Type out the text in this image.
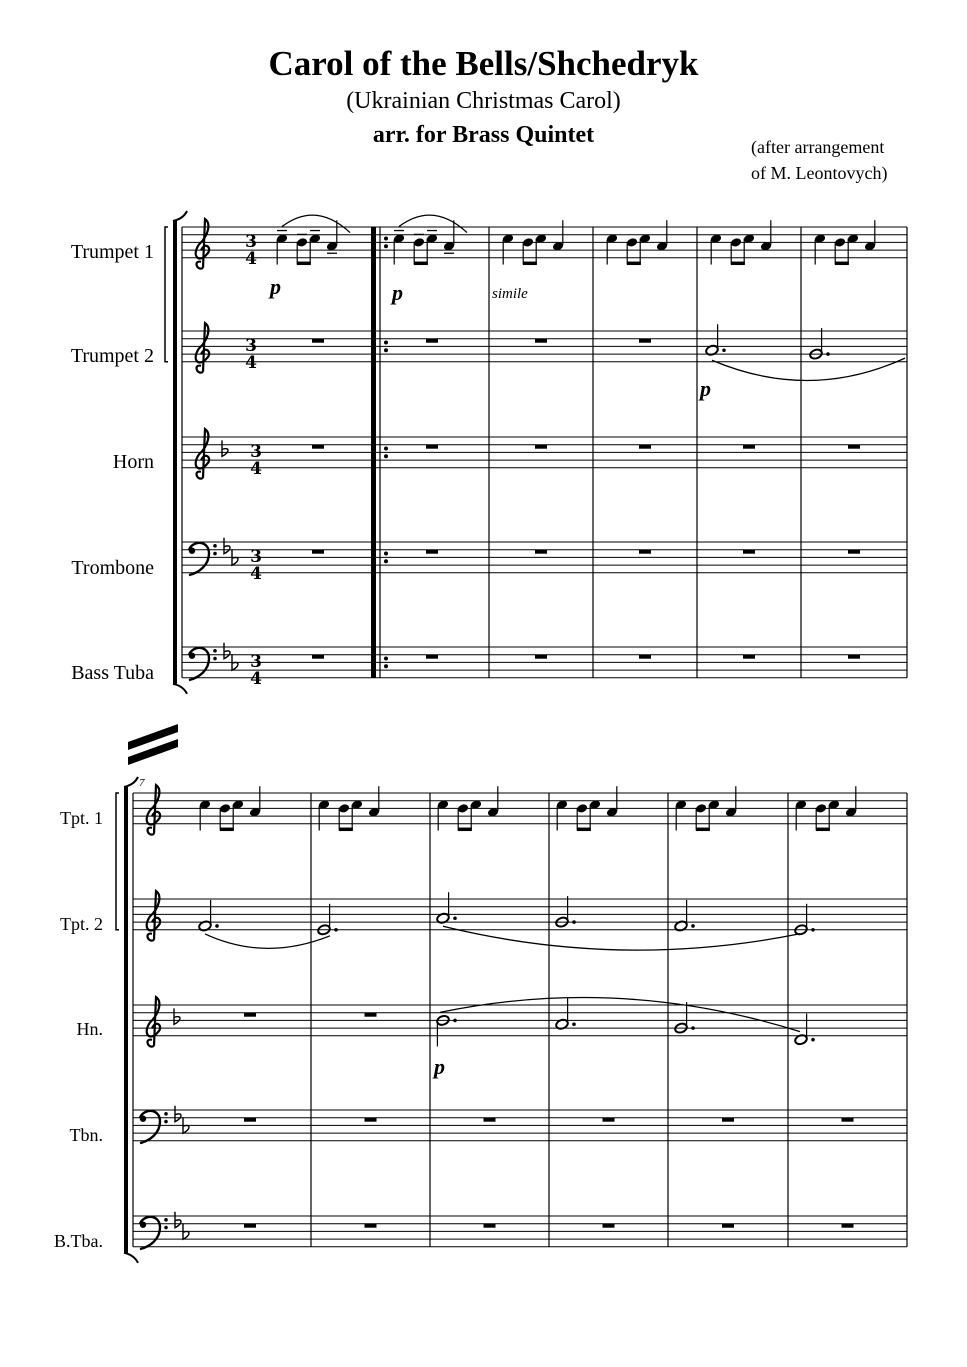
Carol of the Bells/Shchedryk
(Ukrainian Christmas Carol)
arr. for Brass Quintet	(after arrangement
of M. Leontovych)
Trumpet 1
Trumpet 2
Horn
Trombone
Bass Tuba
Tpt. 1
Tpt. 2
Hn.
Tbn.
B.Tba.
p	p	simile
p
7
p
3
4
3
4
3
4
3
4
3
4
